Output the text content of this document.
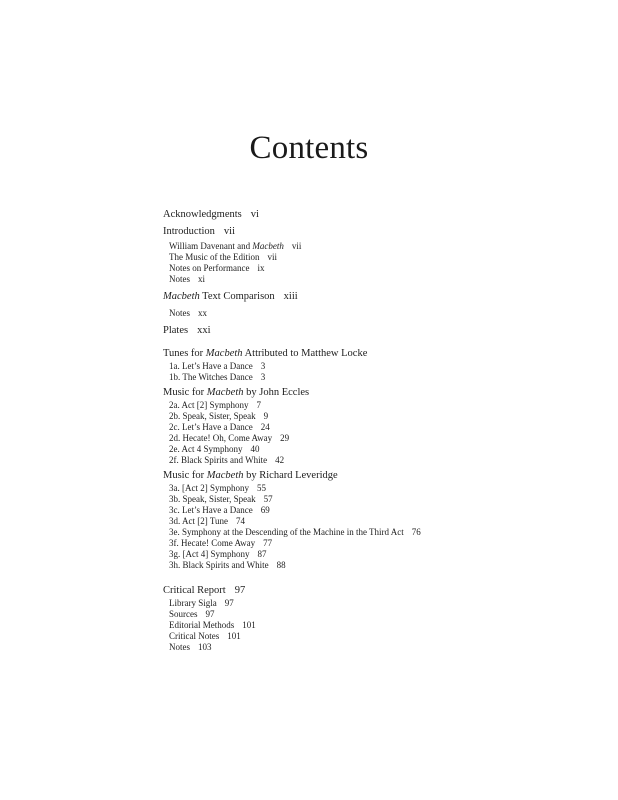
Contents
Acknowledgments vi
Introduction vii
William Davenant and Macbeth vii
The Music of the Edition vii
Notes on Performance ix
Notes xi
Macbeth Text Comparison xiii
Notes xx
Plates xxi
Tunes for Macbeth Attributed to Matthew Locke
1a. Let’s Have a Dance 3
1b. The Witches Dance 3
Music for Macbeth by John Eccles
2a. Act [2] Symphony 7
2b. Speak, Sister, Speak 9
2c. Let’s Have a Dance 24
2d. Hecate! Oh, Come Away 29
2e. Act 4 Symphony 40
2f. Black Spirits and White 42
Music for Macbeth by Richard Leveridge
3a. [Act 2] Symphony 55
3b. Speak, Sister, Speak 57
3c. Let’s Have a Dance 69
3d. Act [2] Tune 74
3e. Symphony at the Descending of the Machine in the Third Act 76
3f. Hecate! Come Away 77
3g. [Act 4] Symphony 87
3h. Black Spirits and White 88
Critical Report 97
Library Sigla 97
Sources 97
Editorial Methods 101
Critical Notes 101
Notes 103
